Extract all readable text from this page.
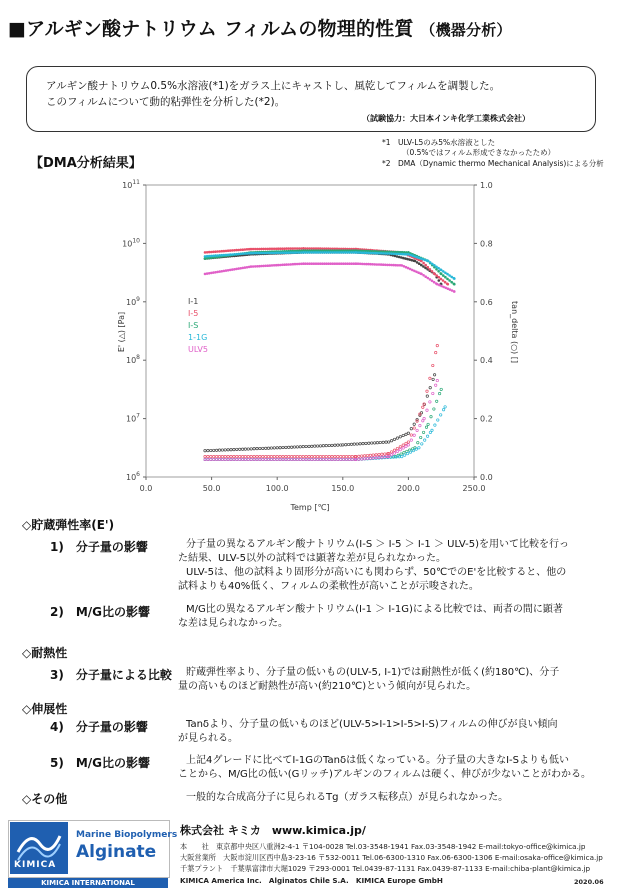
■アルギン酸ナトリウム フィルムの物理的性質 （機器分析）
アルギン酸ナトリウム0.5%水溶液(*1)をガラス上にキャストし、風乾してフィルムを調製した。
このフィルムについて動的粘弾性を分析した(*2)。
（試験協力：大日本インキ化学工業株式会社）
*1　ULV-L5のみ5%水溶液とした
（0.5%ではフィルム形成できなかったため）
*2　DMA（Dynamic thermo Mechanical Analysis)による分析
【DMA分析結果】
0.0	50.0	100.0	150.0	200.0	250.0
$10^6$
$10^7$
$10^8$
$10^9$
$10^{10}$
$10^{11}$
0.0
0.2
0.4
0.6
0.8
1.0
Temp [℃]
E' (△) [Pa]	tan_delta (○) []
I-1
I-5
I-S
1-1G
ULV5
◇貯蔵弾性率(E')
1)　分子量の影響	分子量の異なるアルギン酸ナトリウム(I-S ＞ I-5 ＞ I-1 ＞ ULV-5)を用いて比較を行っ
た結果、ULV-5以外の試料では顕著な差が見られなかった。
ULV-5は、他の試料より固形分が高いにも関わらず、50℃でのE'を比較すると、他の
試料よりも40%低く、フィルムの柔軟性が高いことが示唆された。
2)　M/G比の影響	M/G比の異なるアルギン酸ナトリウム(I-1 ＞ I-1G)による比較では、両者の間に顕著
な差は見られなかった。
◇耐熱性
3)　分子量による比較 貯蔵弾性率より、分子量の低いもの(ULV-5, I-1)では耐熱性が低く(約180℃)、分子
量の高いものほど耐熱性が高い(約210℃)という傾向が見られた。
◇伸展性
4)　分子量の影響	Tanδより、分子量の低いものほど(ULV-5>I-1>I-5>I-S)フィルムの伸びが良い傾向
が見られる。
5)　M/G比の影響	上記4グレードに比べてI-1GのTanδは低くなっている。分子量の大きなI-Sよりも低い
ことから、M/G比の低い(Gリッチ)アルギンのフィルムは硬く、伸びが少ないことがわかる。
◇その他	一般的な合成高分子に見られるTg（ガラス転移点）が見られなかった。
KIMICA
Marine Biopolymers
Alginate
KIMICA INTERNATIONAL
株式会社 キミカ　www.kimica.jp/
本　　社　東京都中央区八重洲2-4-1 〒104-0028 Tel.03-3548-1941 Fax.03-3548-1942 E-mail:tokyo-office@kimica.jp
大阪営業所　大阪市淀川区西中島3-23-16 〒532-0011 Tel.06-6300-1310 Fax.06-6300-1306 E-mail:osaka-office@kimica.jp
千葉プラント　千葉県富津市大堀1029 〒293-0001 Tel.0439-87-1131 Fax.0439-87-1133 E-mail:chiba-plant@kimica.jp
KIMICA America Inc.　Alginatos Chile S.A.　KIMICA Europe GmbH	2020.06
